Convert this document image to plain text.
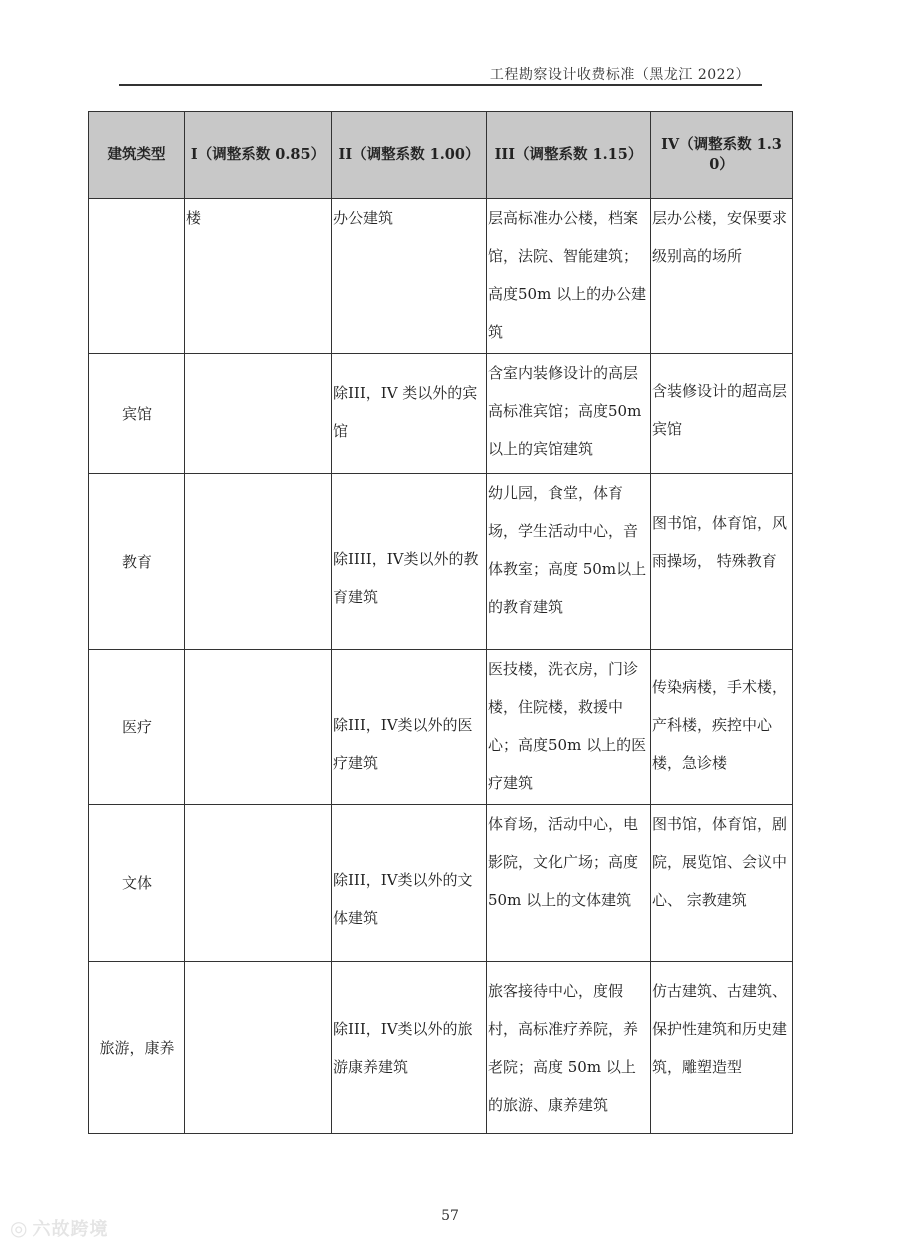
工程勘察设计收费标准（黑龙江 2022）
建筑类型	I（调整系数 0.85）	II（调整系数 1.00）	III（调整系数 1.15）	IV（调整系数 1.30）
	楼	办公建筑	层高标准办公楼，档案馆，法院、智能建筑；高度50m 以上的办公建筑	层办公楼，安保要求级别高的场所
宾馆		除III，IV 类以外的宾馆	含室内装修设计的高层高标准宾馆；高度50m 以上的宾馆建筑	含装修设计的超高层宾馆
教育		除IIII，IV类以外的教育建筑	幼儿园，食堂，体育场，学生活动中心，音体教室；高度 50m以上的教育建筑	图书馆，体育馆，风雨操场， 特殊教育
医疗		除III，IV类以外的医疗建筑	医技楼，洗衣房，门诊楼，住院楼，救援中心；高度50m 以上的医疗建筑	传染病楼，手术楼，产科楼，疾控中心楼，急诊楼
文体		除III，IV类以外的文体建筑	体育场，活动中心，电影院，文化广场；高度 50m 以上的文体建筑	图书馆，体育馆，剧院，展览馆、会议中心、 宗教建筑
旅游，康养		除III，IV类以外的旅游康养建筑	旅客接待中心，度假村，高标准疗养院，养老院；高度 50m 以上的旅游、康养建筑	仿古建筑、古建筑、保护性建筑和历史建筑，雕塑造型
57
◎ 六故跨境
